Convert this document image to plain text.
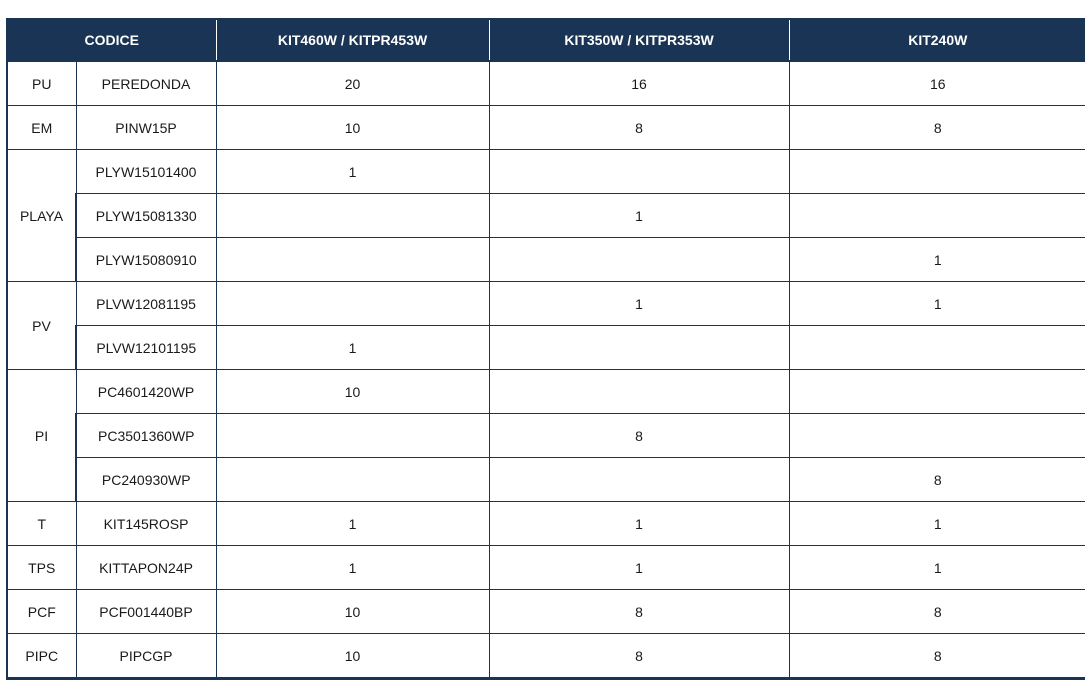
CODICE		KIT460W / KITPR453W	KIT350W / KITPR353W	KIT240W
PU	PEREDONDA	20	16	16
EM	PINW15P	10	8	8
PLAYA	PLYW15101400	1		
	PLYW15081330		1	
	PLYW15080910			1
PV	PLVW12081195		1	1
	PLVW12101195	1		
PI	PC4601420WP	10		
	PC3501360WP		8	
	PC240930WP			8
T	KIT145ROSP	1	1	1
TPS	KITTAPON24P	1	1	1
PCF	PCF001440BP	10	8	8
PIPC	PIPCGP	10	8	8
